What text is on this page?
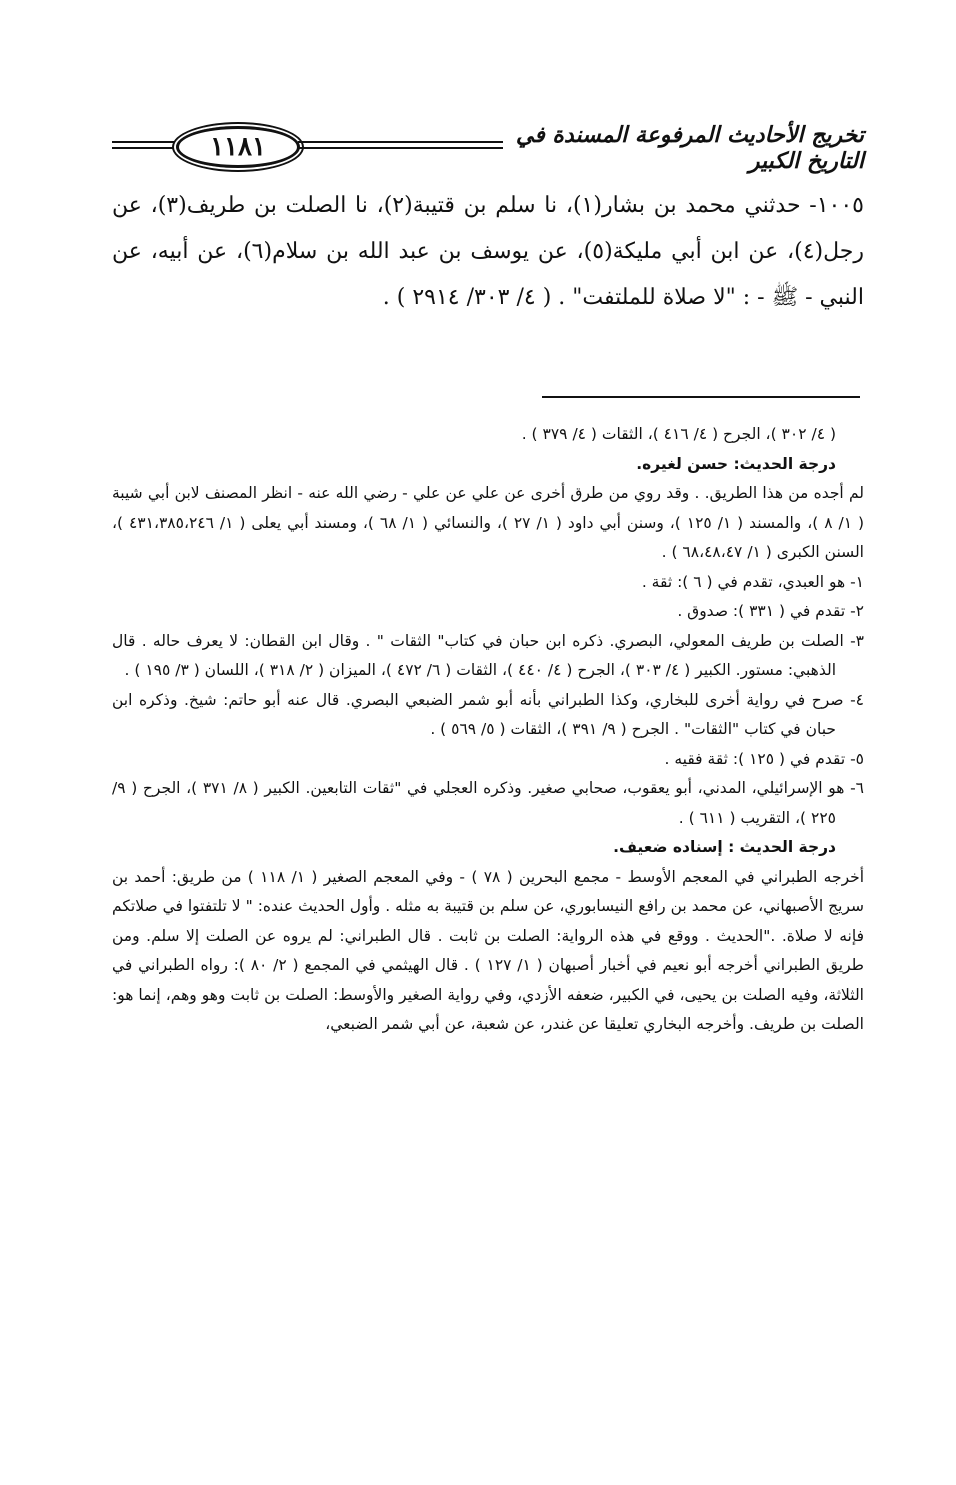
١١٨١	تخريج الأحاديث المرفوعة المسندة في التاريخ الكبير

١٠٠٥- حدثني محمد بن بشار(١)، نا سلم بن قتيبة(٢)، نا الصلت بن طريف(٣)، عن رجل(٤)، عن ابن أبي مليكة(٥)، عن يوسف بن عبد الله بن سلام(٦)، عن أبيه، عن النبي - ﷺ - : "لا صلاة للملتفت" . ( ٤/ ٣٠٣/ ٢٩١٤ ) .

( ٤/ ٣٠٢ )، الجرح ( ٤/ ٤١٦ )، الثقات ( ٤/ ٣٧٩ ) .

درجة الحديث: حسن لغيره.

لم أجده من هذا الطريق. . وقد روي من طرق أخرى عن علي عن علي - رضي الله عنه - انظر المصنف لابن أبي شيبة ( ١/ ٨ )، والمسند ( ١/ ١٢٥ )، وسنن أبي داود ( ١/ ٢٧ )، والنسائي ( ١/ ٦٨ )، ومسند أبي يعلى ( ١/ ٤٣١،٣٨٥،٢٤٦ )، السنن الكبرى ( ١/ ٦٨،٤٨،٤٧ ) .

١- هو العبدي، تقدم في ( ٦ ): ثقة .

٢- تقدم في ( ٣٣١ ): صدوق .

٣- الصلت بن طريف المعولي، البصري. ذكره ابن حبان في كتاب" الثقات " . وقال ابن القطان: لا يعرف حاله . قال الذهبي: مستور. الكبير ( ٤/ ٣٠٣ )، الجرح ( ٤/ ٤٤٠ )، الثقات ( ٦/ ٤٧٢ )، الميزان ( ٢/ ٣١٨ )، اللسان ( ٣/ ١٩٥ ) .

٤- صرح في رواية أخرى للبخاري، وكذا الطبراني بأنه أبو شمر الضبعي البصري. قال عنه أبو حاتم: شيخ. وذكره ابن حبان في كتاب "الثقات" . الجرح ( ٩/ ٣٩١ )، الثقات ( ٥/ ٥٦٩ ) .

٥- تقدم في ( ١٢٥ ): ثقة فقيه .

٦- هو الإسرائيلي، المدني، أبو يعقوب، صحابي صغير. وذكره العجلي في "ثقات التابعين. الكبير ( ٨/ ٣٧١ )، الجرح ( ٩/ ٢٢٥ )، التقريب ( ٦١١ ) .

درجة الحديث : إسناده ضعيف.

أخرجه الطبراني في المعجم الأوسط - مجمع البحرين ( ٧٨ ) - وفي المعجم الصغير ( ١/ ١١٨ ) من طريق: أحمد بن سريج الأصبهاني، عن محمد بن رافع النيسابوري، عن سلم بن قتيبة به مثله . وأول الحديث عنده: " لا تلتفتوا في صلاتكم فإنه لا صلاة. ."الحديث . ووقع في هذه الرواية: الصلت بن ثابت . قال الطبراني: لم يروه عن الصلت إلا سلم. ومن طريق الطبراني أخرجه أبو نعيم في أخبار أصبهان ( ١/ ١٢٧ ) . قال الهيثمي في المجمع ( ٢/ ٨٠ ): رواه الطبراني في الثلاثة، وفيه الصلت بن يحيى، في الكبير، ضعفه الأزدي، وفي رواية الصغير والأوسط: الصلت بن ثابت وهو وهم، إنما هو: الصلت بن طريف. وأخرجه البخاري تعليقا عن غندر، عن شعبة، عن أبي شمر الضبعي،
